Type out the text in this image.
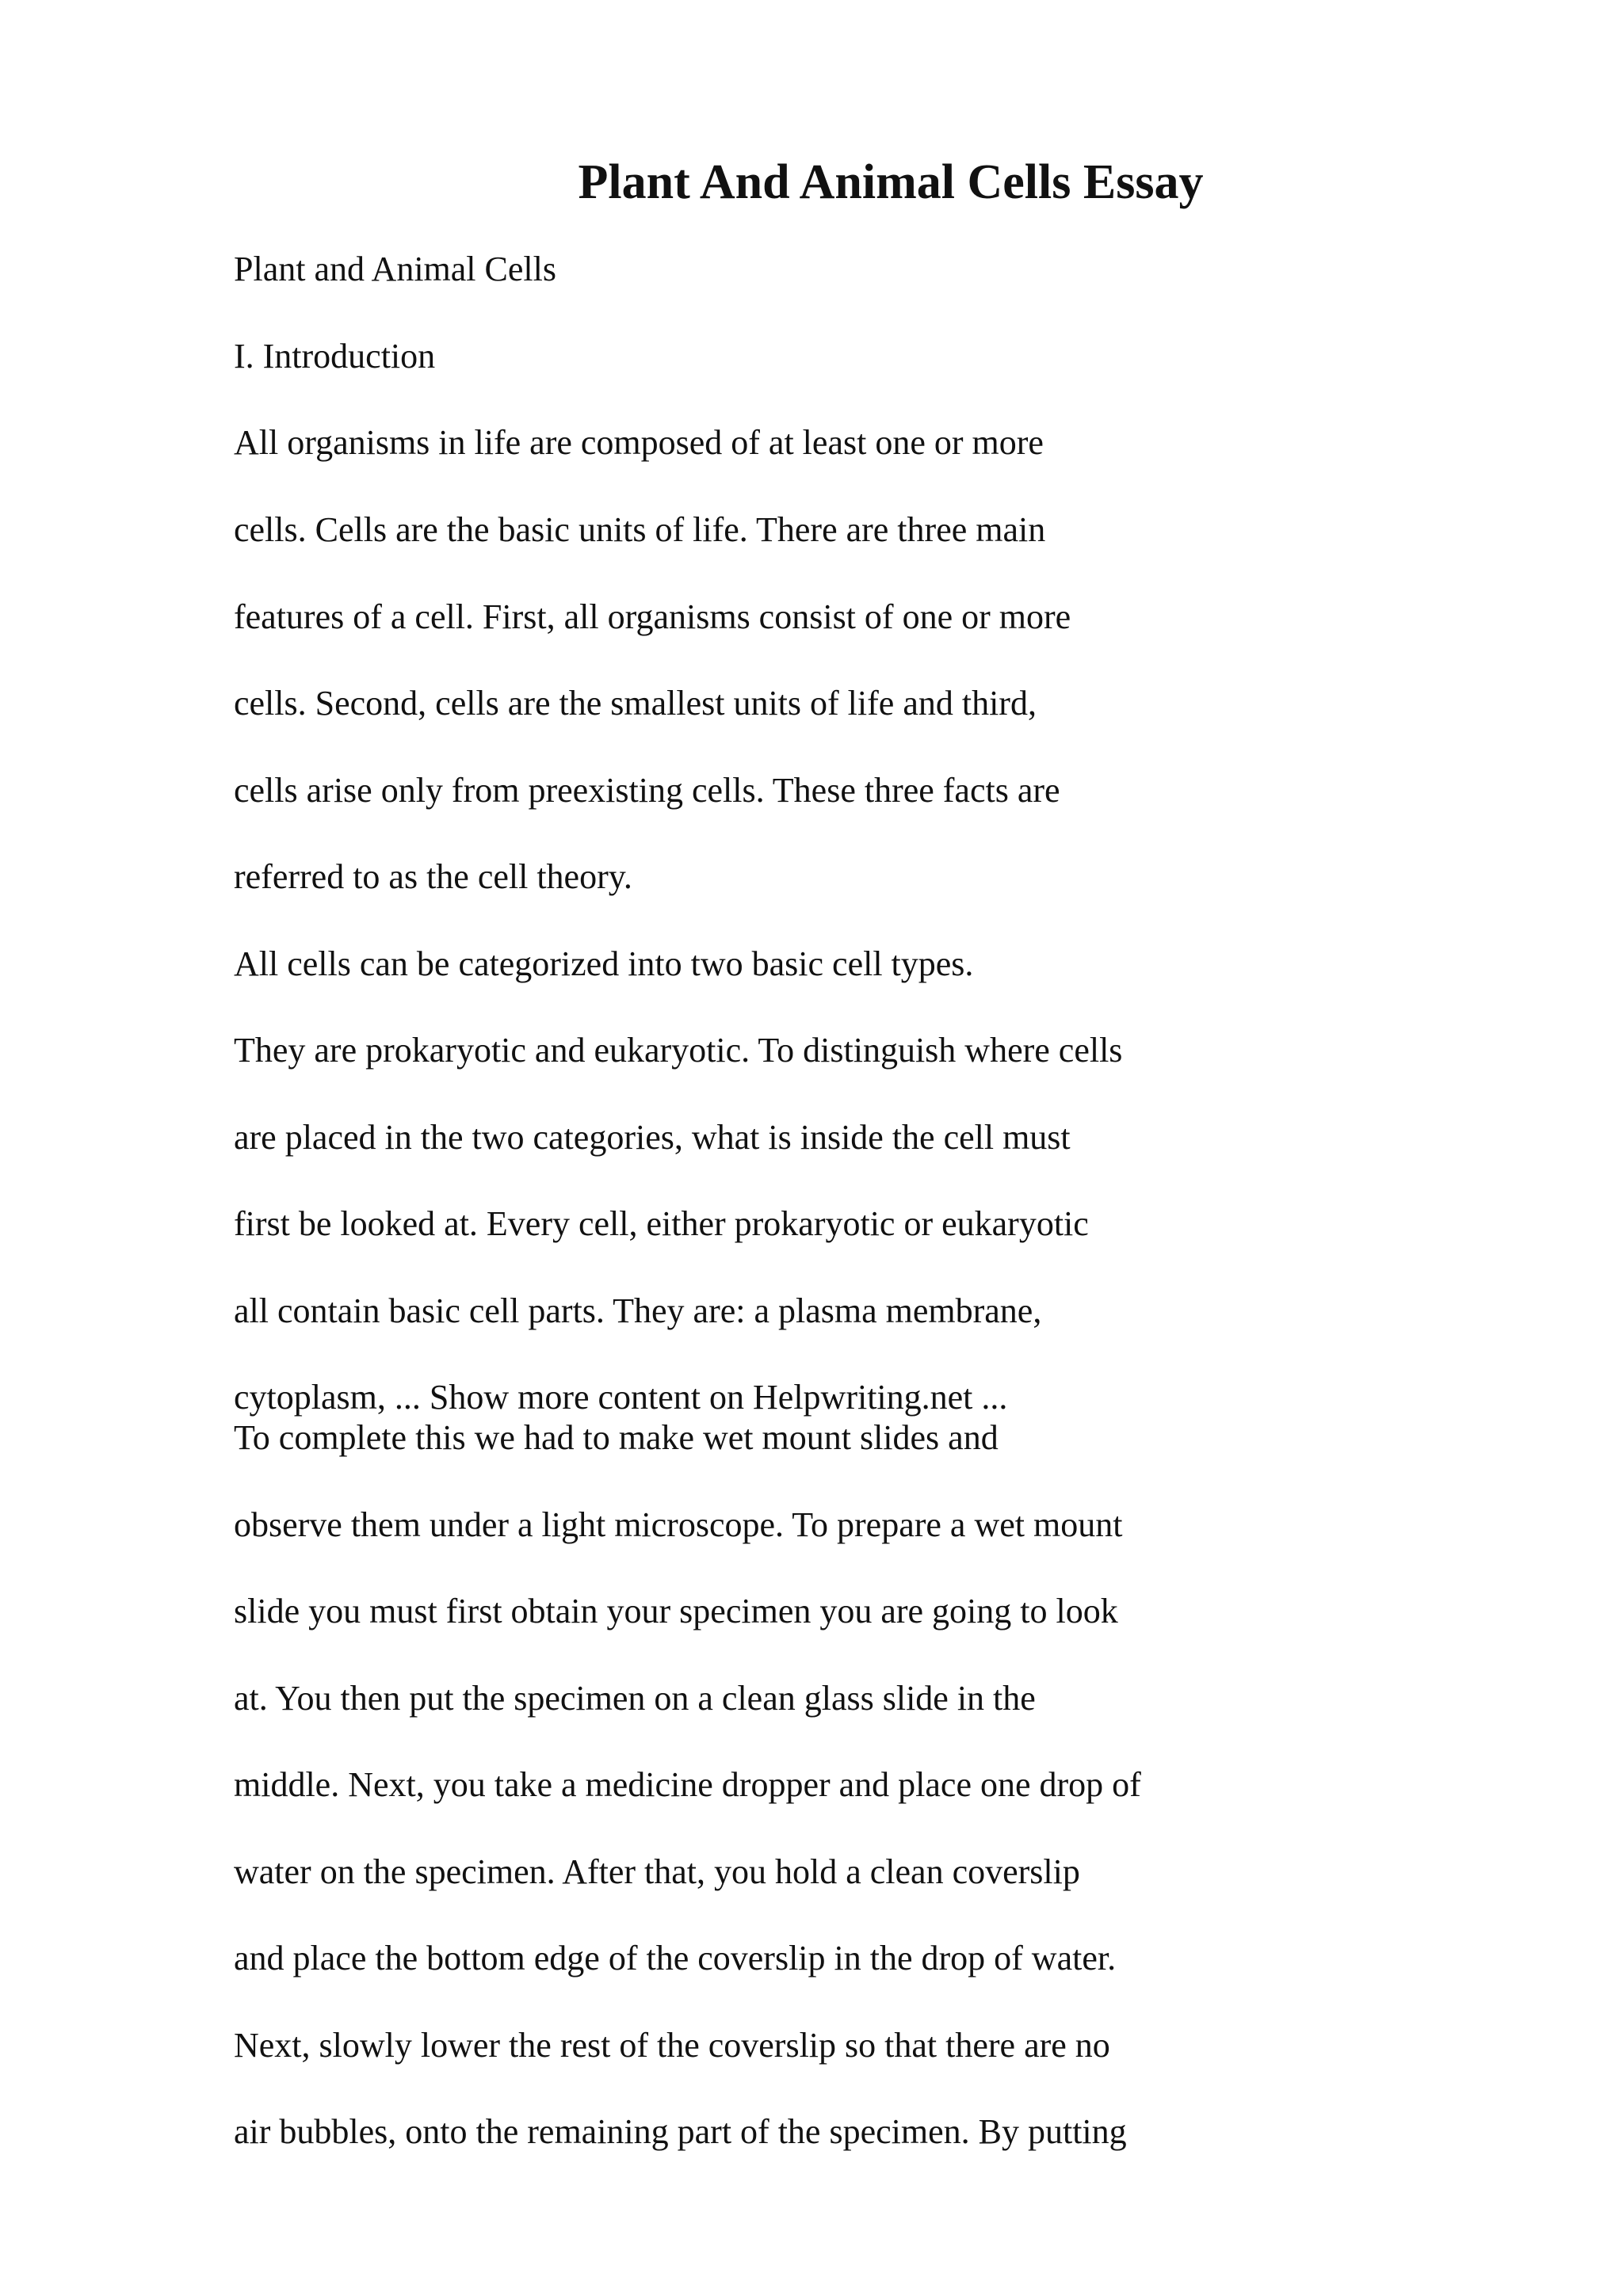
Plant And Animal Cells Essay
Plant and Animal Cells
I. Introduction
All organisms in life are composed of at least one or more
cells. Cells are the basic units of life. There are three main
features of a cell. First, all organisms consist of one or more
cells. Second, cells are the smallest units of life and third,
cells arise only from preexisting cells. These three facts are
referred to as the cell theory.
All cells can be categorized into two basic cell types.
They are prokaryotic and eukaryotic. To distinguish where cells
are placed in the two categories, what is inside the cell must
first be looked at. Every cell, either prokaryotic or eukaryotic
all contain basic cell parts. They are: a plasma membrane,
cytoplasm, ... Show more content on Helpwriting.net ...
To complete this we had to make wet mount slides and
observe them under a light microscope. To prepare a wet mount
slide you must first obtain your specimen you are going to look
at. You then put the specimen on a clean glass slide in the
middle. Next, you take a medicine dropper and place one drop of
water on the specimen. After that, you hold a clean coverslip
and place the bottom edge of the coverslip in the drop of water.
Next, slowly lower the rest of the coverslip so that there are no
air bubbles, onto the remaining part of the specimen. By putting
